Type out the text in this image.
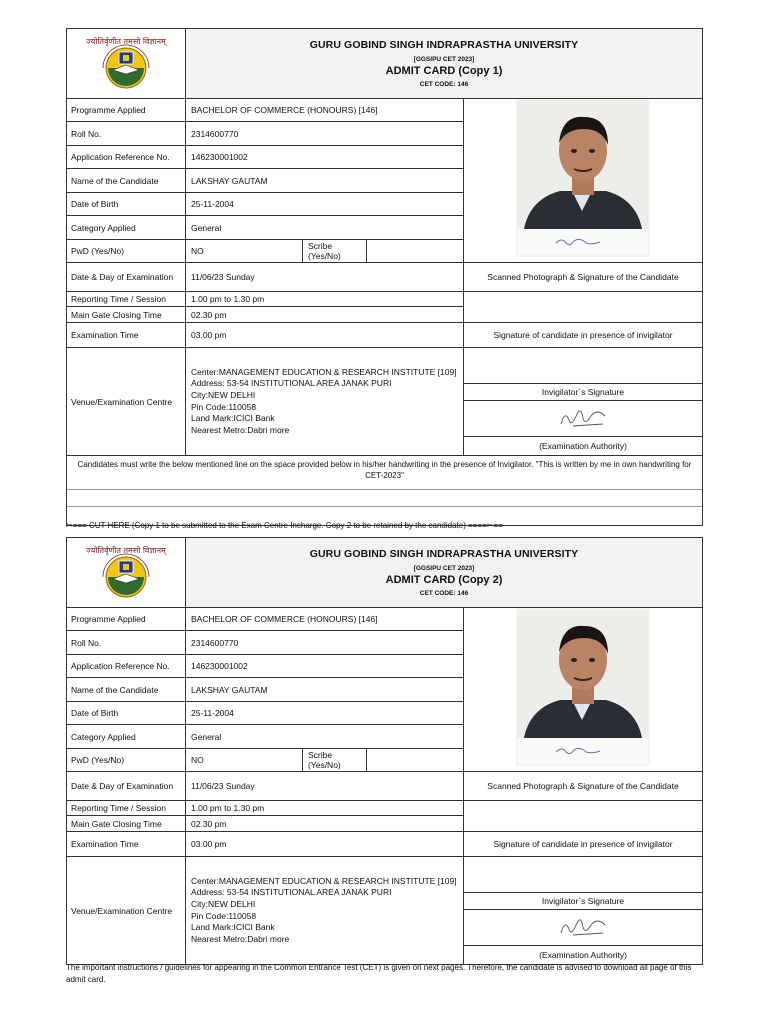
ज्योतिर्वृणीत तमसो विज्ञानम्	GURU GOBIND SINGH INDRAPRASTHA UNIVERSITY
[GGSIPU CET 2023]
ADMIT CARD (Copy 1)
CET CODE: 146
Programme Applied	BACHELOR OF COMMERCE (HONOURS) [146]
Roll No.	2314600770
Application Reference No.	146230001002
Name of the Candidate	LAKSHAY GAUTAM
Date of Birth	25-11-2004
Category Applied	General
PwD (Yes/No)	NO	Scribe (Yes/No)
Date & Day of Examination	11/06/23 Sunday	Scanned Photograph & Signature of the Candidate
Reporting Time / Session	1.00 pm to 1.30 pm
Main Gate Closing Time	02.30 pm
Examination Time	03.00 pm	Signature of candidate in presence of invigilator
Venue/Examination Centre
Center:MANAGEMENT EDUCATION & RESEARCH INSTITUTE [109]
Address: 53-54 INSTITUTIONAL AREA JANAK PURI
City:NEW DELHI
Pin Code:110058
Land Mark:ICICI Bank
Nearest Metro:Dabri more
Invigilator`s Signature
(Examination Authority)
Candidates must write the below mentioned line on the space provided below in his/her handwriting in the presence of Invigilator. "This is written by me in own handwriting for CET-2023"
✂=== CUT HERE (Copy 1 to be submitted to the Exam Centre Incharge. Copy 2 to be retained by the candidate) ====✂==
ज्योतिर्वृणीत तमसो विज्ञानम्	GURU GOBIND SINGH INDRAPRASTHA UNIVERSITY
[GGSIPU CET 2023]
ADMIT CARD (Copy 2)
CET CODE: 146
Programme Applied	BACHELOR OF COMMERCE (HONOURS) [146]
Roll No.	2314600770
Application Reference No.	146230001002
Name of the Candidate	LAKSHAY GAUTAM
Date of Birth	25-11-2004
Category Applied	General
PwD (Yes/No)	NO	Scribe (Yes/No)
Date & Day of Examination	11/06/23 Sunday	Scanned Photograph & Signature of the Candidate
Reporting Time / Session	1.00 pm to 1.30 pm
Main Gate Closing Time	02.30 pm
Examination Time	03.00 pm	Signature of candidate in presence of invigilator
Venue/Examination Centre
Center:MANAGEMENT EDUCATION & RESEARCH INSTITUTE [109]
Address: 53-54 INSTITUTIONAL AREA JANAK PURI
City:NEW DELHI
Pin Code:110058
Land Mark:ICICI Bank
Nearest Metro:Dabri more
Invigilator`s Signature
(Examination Authority)
The important instructions / guidelines for appearing in the Common Entrance Test (CET) is given on next pages. Therefore, the candidate is advised to download all page of this admit card.
